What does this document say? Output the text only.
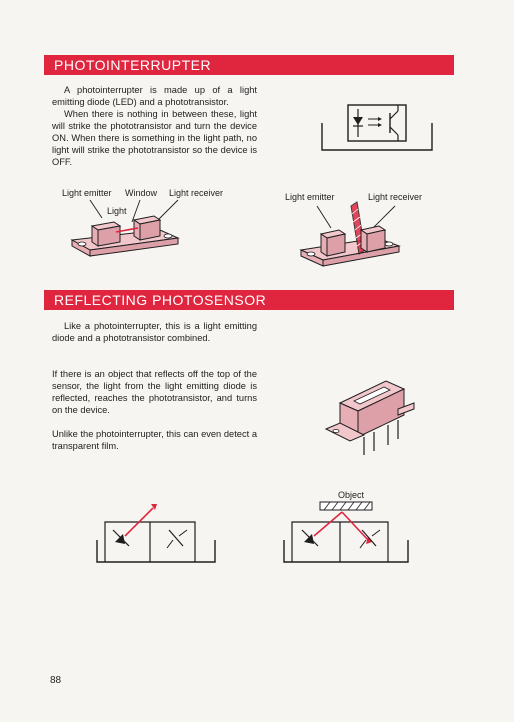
PHOTOINTERRUPTER

A photointerrupter is made up of a light emitting diode (LED) and a phototransistor.

When there is nothing in between these, light will strike the phototransistor and turn the device ON. When there is something in the light path, no light will strike the phototransistor so the device is OFF.

Light emitter Window Light receiver
Light
Light emitter	Light receiver
REFLECTING PHOTOSENSOR

Like a photointerrupter, this is a light emitting diode and a phototransistor combined.

If there is an object that reflects off the top of the sensor, the light from the light emitting diode is reflected, reaches the phototransistor, and turns on the device.

Unlike the photointerrupter, this can even detect a transparent film.

Object
88
